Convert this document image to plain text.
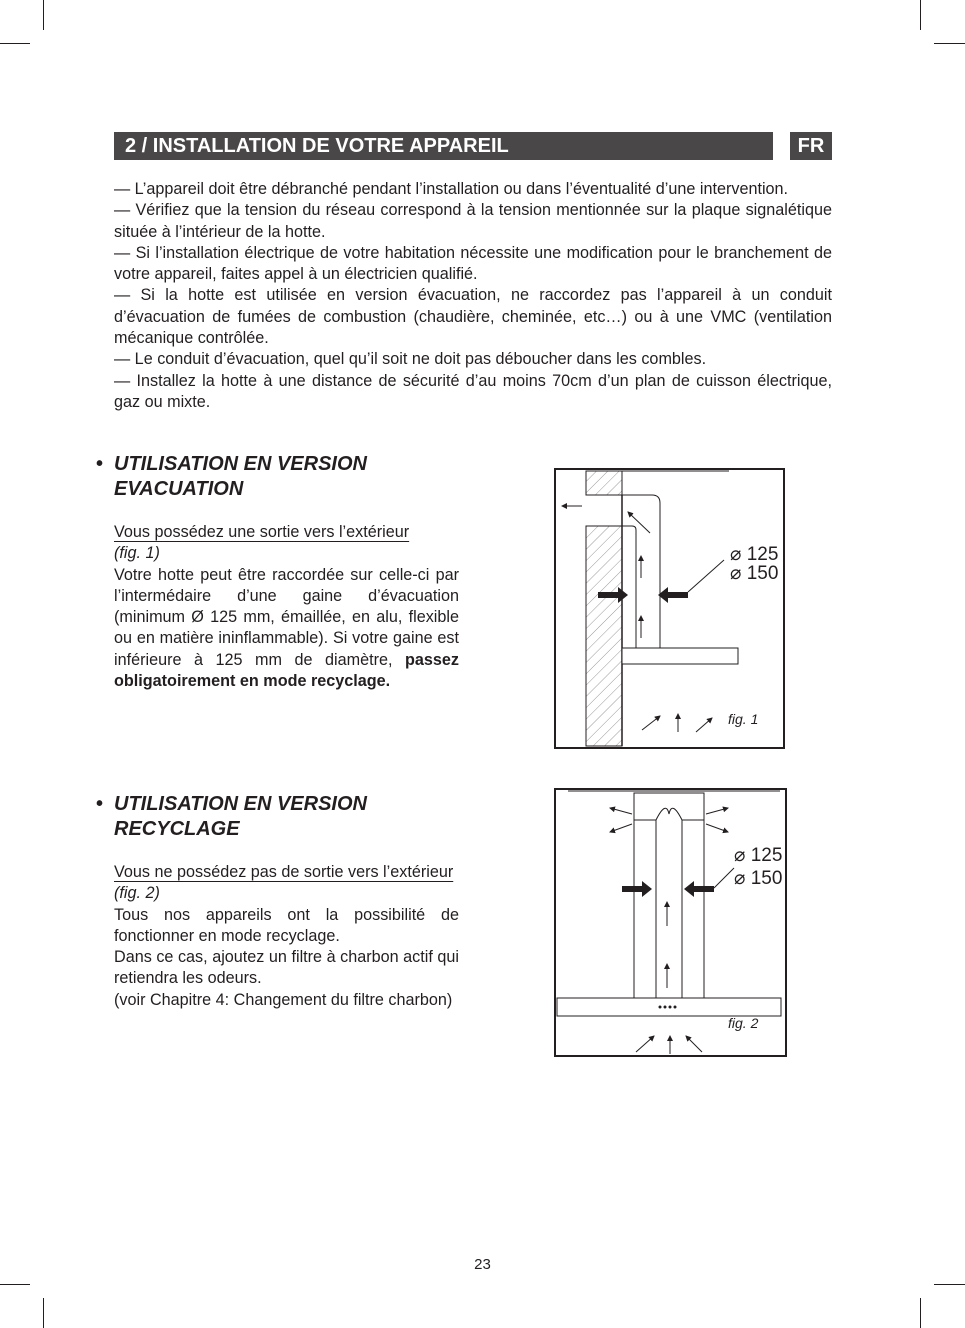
2 / INSTALLATION DE VOTRE APPAREIL	FR

— L’appareil doit être débranché pendant l’installation ou dans l’éventualité d’une intervention.

— Vérifiez que la tension du réseau correspond à la tension mentionnée sur la plaque signalétique située à l’intérieur de la hotte.

— Si l’installation électrique de votre habitation nécessite une modification pour le branchement de votre appareil, faites appel à un électricien qualifié.

— Si la hotte est utilisée en version évacuation, ne raccordez pas l’appareil à un conduit d’évacuation de fumées de combustion (chaudière, cheminée, etc…) ou à une VMC (ventilation mécanique contrôlée.

— Le conduit d’évacuation, quel qu’il soit ne doit pas déboucher dans les combles.

— Installez la hotte à une distance de sécurité d’au moins 70cm d’un plan de cuisson électrique, gaz ou mixte.

• UTILISATION EN VERSION
EVACUATION

Vous possédez une sortie vers l’extérieur

(fig. 1)

Votre hotte peut être raccordée sur celle-ci par l’intermédaire d’une gaine d’évacuation (minimum Ø 125 mm, émaillée, en alu, flexible ou en matière ininflammable). Si votre gaine est inférieure à 125 mm de diamètre, passez obligatoirement en mode recyclage.

• UTILISATION EN VERSION
RECYCLAGE

Vous ne possédez pas de sortie vers l’extérieur

(fig. 2)

Tous nos appareils ont la possibilité de fonctionner en mode recyclage.

Dans ce cas, ajoutez un filtre à charbon actif qui retiendra les odeurs.

(voir Chapitre 4: Changement du filtre charbon)

⌀ 125
⌀ 150
fig. 1
⌀ 125
⌀ 150
fig. 2
23
